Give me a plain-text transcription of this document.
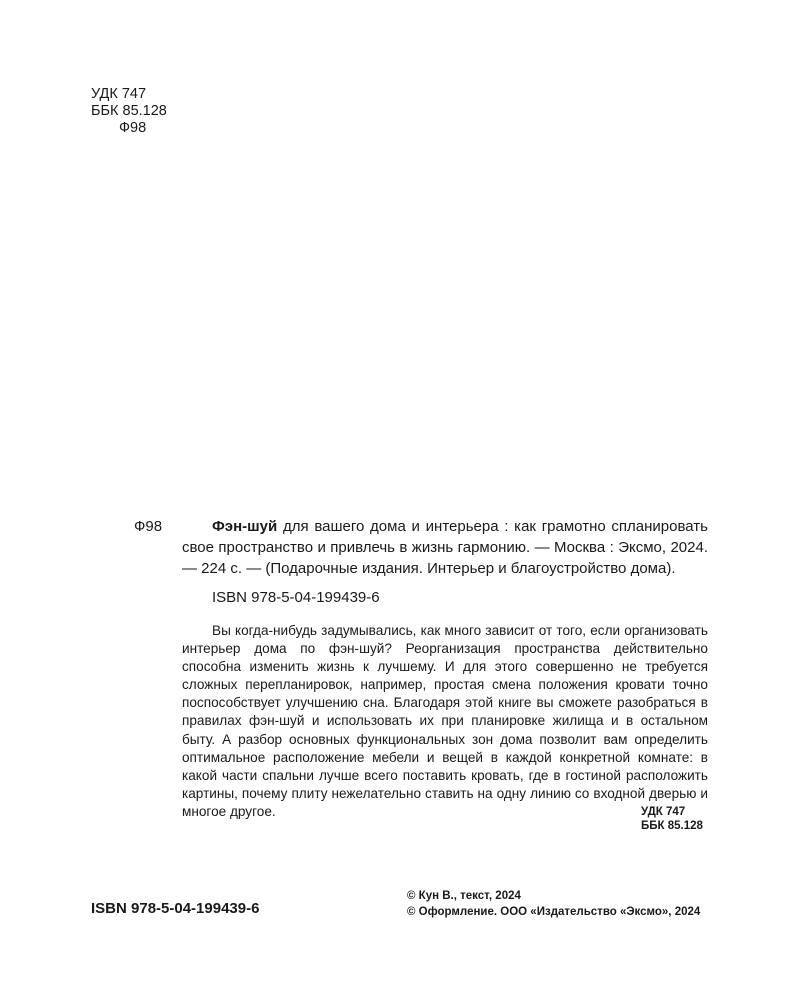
УДК 747
ББК 85.128
Ф98
Ф98	Фэн-шуй для вашего дома и интерьера : как грамотно спланировать свое пространство и привлечь в жизнь гармонию. — Москва : Эксмо, 2024. — 224 с. — (Подарочные издания. Интерьер и благоустройство дома).

ISBN 978-5-04-199439-6

Вы когда-нибудь задумывались, как много зависит от того, если организовать интерьер дома по фэн-шуй? Реорганизация пространства действительно способна изменить жизнь к лучшему. И для этого совершенно не требуется сложных перепланировок, например, простая смена положения кровати точно поспособствует улучшению сна. Благодаря этой книге вы сможете разобраться в правилах фэн-шуй и использовать их при планировке жилища и в остальном быту. А разбор основных функциональных зон дома позволит вам определить оптимальное расположение мебели и вещей в каждой конкретной комнате: в какой части спальни лучше всего поставить кровать, где в гостиной расположить картины, почему плиту нежелательно ставить на одну линию со входной дверью и многое другое.	УДК 747
ББК 85.128
ISBN 978-5-04-199439-6
© Кун В., текст, 2024
© Оформление. ООО «Издательство «Эксмо», 2024
